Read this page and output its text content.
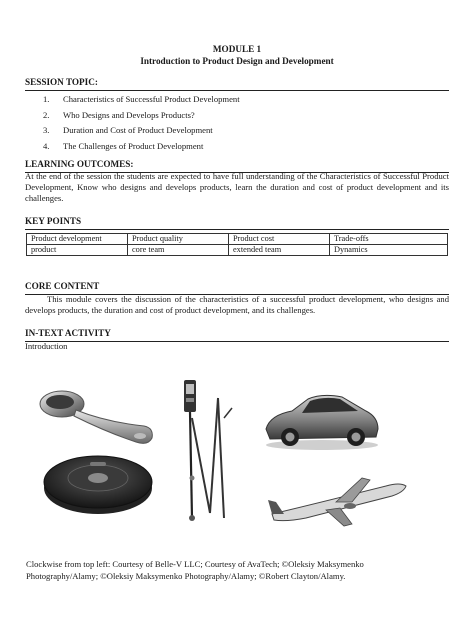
MODULE 1
Introduction to Product Design and Development
SESSION TOPIC:
1. Characteristics of Successful Product Development
2. Who Designs and Develops Products?
3. Duration and Cost of Product Development
4. The Challenges of Product Development
LEARNING OUTCOMES:
At the end of the session the students are expected to have full understanding of the Characteristics of Successful Product Development, Know who designs and develops products, learn the duration and cost of product development and its challenges.
KEY POINTS
Product development	Product quality	Product cost	Trade-offs
product	core team	extended team	Dynamics
CORE CONTENT
This module covers the discussion of the characteristics of a successful product development, who designs and develops products, the duration and cost of product development, and its challenges.
IN-TEXT ACTIVITY
Introduction
Clockwise from top left: Courtesy of Belle-V LLC; Courtesy of AvaTech; ©Oleksiy Maksymenko
Photography/Alamy; ©Oleksiy Maksymenko Photography/Alamy; ©Robert Clayton/Alamy.
